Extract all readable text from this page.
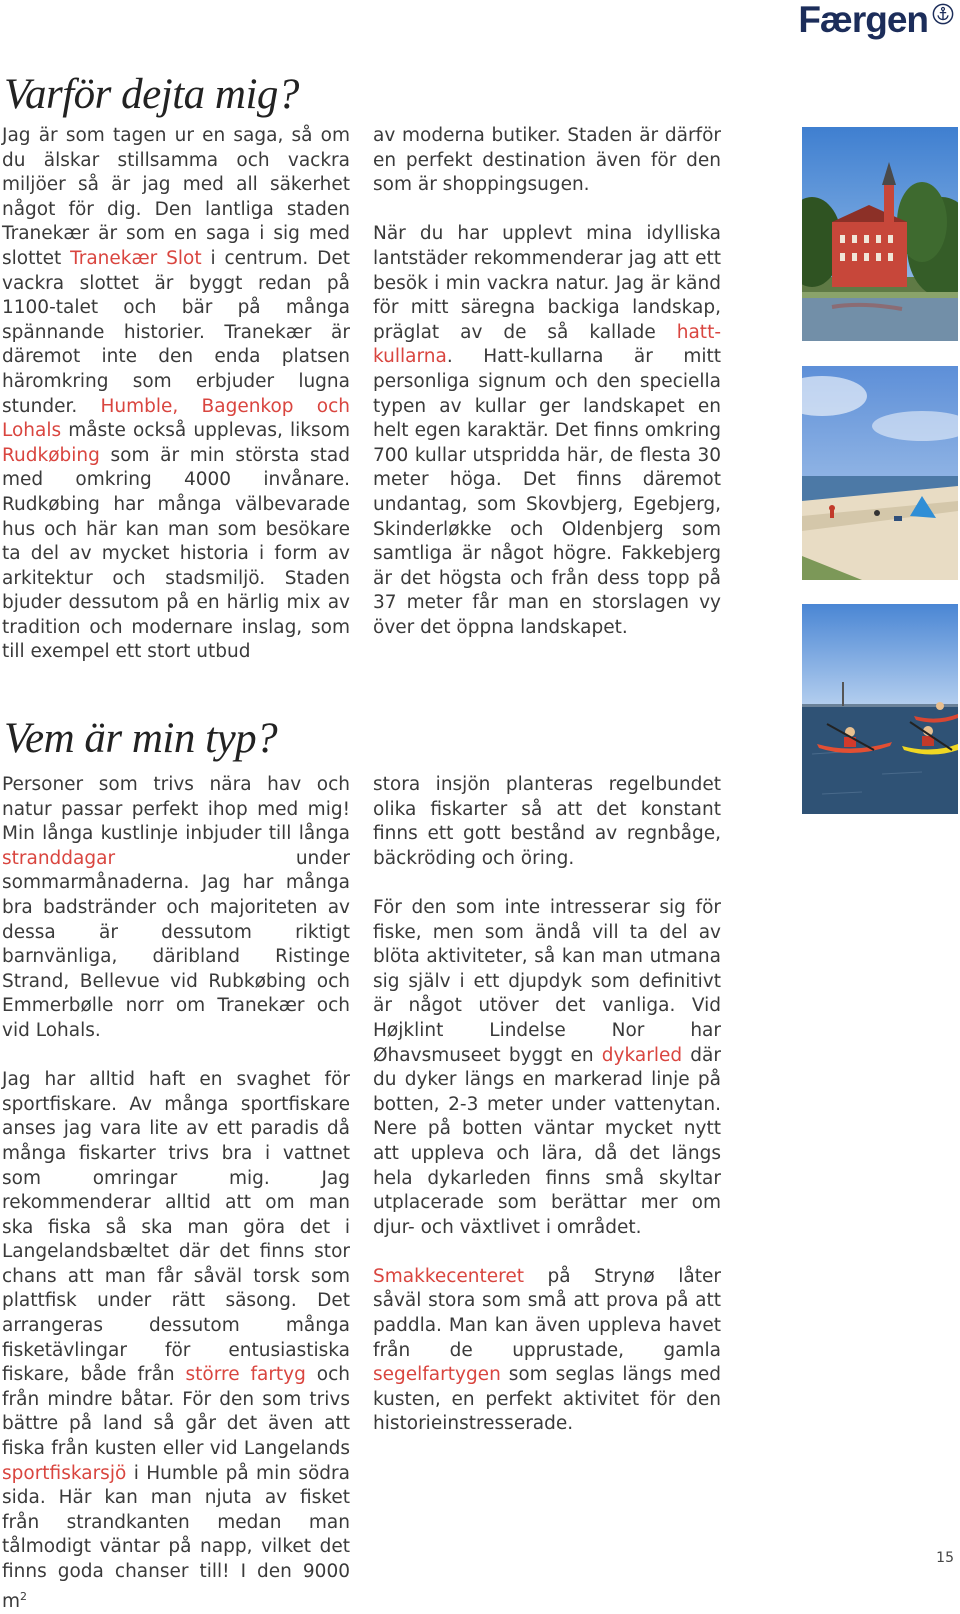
Færgen
Varför dejta mig?

Jag är som tagen ur en saga, så om du älskar stillsamma och vackra miljöer så är jag med all säkerhet något för dig. Den lantliga staden Tranekær är som en saga i sig med slottet Tranekær Slot i centrum. Det vackra slottet är byggt redan på 1100-talet och bär på många spännande historier. Tranekær är däremot inte den enda platsen häromkring som erbjuder lugna stunder. Humble, Bagenkop och Lohals måste också upplevas, liksom Rudkøbing som är min största stad med omkring 4000 invånare. Rudkøbing har många välbevarade hus och här kan man som besökare ta del av mycket historia i form av arkitektur och stadsmiljö. Staden bjuder dessutom på en härlig mix av tradition och modernare inslag, som till exempel ett stort utbud

av moderna butiker. Staden är därför en perfekt destination även för den som är shoppingsugen.

När du har upplevt mina idylliska lantstäder rekommenderar jag att ett besök i min vackra natur. Jag är känd för mitt säregna backiga landskap, präglat av de så kallade hatt-kullarna. Hatt-kullarna är mitt personliga signum och den speciella typen av kullar ger landskapet en helt egen karaktär. Det finns omkring 700 kullar utspridda här, de flesta 30 meter höga. Det finns däremot undantag, som Skovbjerg, Egebjerg, Skinderløkke och Oldenbjerg som samtliga är något högre. Fakkebjerg är det högsta och från dess topp på 37 meter får man en storslagen vy över det öppna landskapet.

Vem är min typ?

Personer som trivs nära hav och natur passar perfekt ihop med mig! Min långa kustlinje inbjuder till långa stranddagar under sommarmånaderna. Jag har många bra badstränder och majoriteten av dessa är dessutom riktigt barnvänliga, däribland Ristinge Strand, Bellevue vid Rubkøbing och Emmerbølle norr om Tranekær och vid Lohals.

Jag har alltid haft en svaghet för sportfiskare. Av många sportfiskare anses jag vara lite av ett paradis då många fiskarter trivs bra i vattnet som omringar mig. Jag rekommenderar alltid att om man ska fiska så ska man göra det i Langelandsbæltet där det finns stor chans att man får såväl torsk som plattfisk under rätt säsong. Det arrangeras dessutom många fisketävlingar för entusiastiska fiskare, både från större fartyg och från mindre båtar. För den som trivs bättre på land så går det även att fiska från kusten eller vid Langelands sportfiskarsjö i Humble på min södra sida. Här kan man njuta av fisket från strandkanten medan man tålmodigt väntar på napp, vilket det finns goda chanser till! I den 9000 $m^2$

stora insjön planteras regelbundet olika fiskarter så att det konstant finns ett gott bestånd av regnbåge, bäckröding och öring.

För den som inte intresserar sig för fiske, men som ändå vill ta del av blöta aktiviteter, så kan man utmana sig själv i ett djupdyk som definitivt är något utöver det vanliga. Vid Højklint Lindelse Nor har Øhavsmuseet byggt en dykarled där du dyker längs en markerad linje på botten, 2-3 meter under vattenytan. Nere på botten väntar mycket nytt att uppleva och lära, då det längs hela dykarleden finns små skyltar utplacerade som berättar mer om djur- och växtlivet i området.

Smakkecenteret på Strynø låter såväl stora som små att prova på att paddla. Man kan även uppleva havet från de upprustade, gamla segelfartygen som seglas längs med kusten, en perfekt aktivitet för den historieinstresserade.

15
